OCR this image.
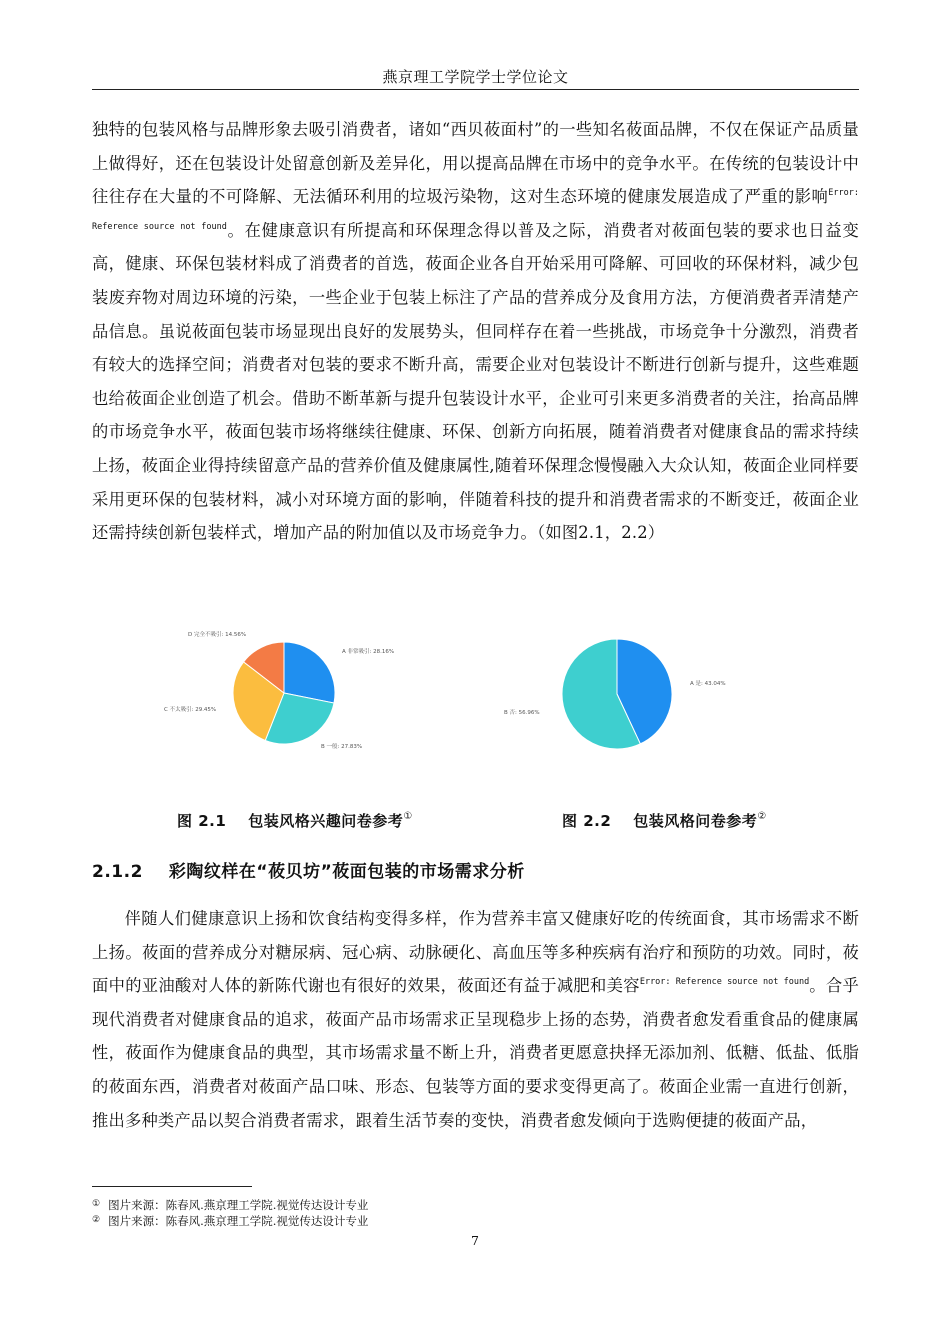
燕京理工学院学士学位论文
独特的包装风格与品牌形象去吸引消费者，诸如“西贝莜面村”的一些知名莜面品牌，不仅在保证产品质量上做得好，还在包装设计处留意创新及差异化，用以提高品牌在市场中的竞争水平。在传统的包装设计中往往存在大量的不可降解、无法循环利用的垃圾污染物，这对生态环境的健康发展造成了严重的影响$^{Error: Reference source not found}$。在健康意识有所提高和环保理念得以普及之际，消费者对莜面包装的要求也日益变高，健康、环保包装材料成了消费者的首选，莜面企业各自开始采用可降解、可回收的环保材料，减少包装废弃物对周边环境的污染，一些企业于包装上标注了产品的营养成分及食用方法，方便消费者弄清楚产品信息。虽说莜面包装市场显现出良好的发展势头，但同样存在着一些挑战，市场竞争十分激烈，消费者有较大的选择空间；消费者对包装的要求不断升高，需要企业对包装设计不断进行创新与提升，这些难题也给莜面企业创造了机会。借助不断革新与提升包装设计水平，企业可引来更多消费者的关注，抬高品牌的市场竞争水平，莜面包装市场将继续往健康、环保、创新方向拓展，随着消费者对健康食品的需求持续上扬，莜面企业得持续留意产品的营养价值及健康属性,随着环保理念慢慢融入大众认知，莜面企业同样要采用更环保的包装材料，减小对环境方面的影响，伴随着科技的提升和消费者需求的不断变迁，莜面企业还需持续创新包装样式，增加产品的附加值以及市场竞争力。（如图2.1，2.2）
A 非常吸引: 28.16%
B 一般: 27.83%
C 不太吸引: 29.45%
D 完全不吸引: 14.56%
A 是: 43.04%
B 否: 56.96%
图 2.1 包装风格兴趣问卷参考①	图 2.2 包装风格问卷参考②
2.1.2 彩陶纹样在“莜贝坊”莜面包装的市场需求分析
伴随人们健康意识上扬和饮食结构变得多样，作为营养丰富又健康好吃的传统面食，其市场需求不断上扬。莜面的营养成分对糖尿病、冠心病、动脉硬化、高血压等多种疾病有治疗和预防的功效。同时，莜面中的亚油酸对人体的新陈代谢也有很好的效果，莜面还有益于减肥和美容$^{Error: Reference source not found}$。合乎现代消费者对健康食品的追求，莜面产品市场需求正呈现稳步上扬的态势，消费者愈发看重食品的健康属性，莜面作为健康食品的典型，其市场需求量不断上升，消费者更愿意抉择无添加剂、低糖、低盐、低脂的莜面东西，消费者对莜面产品口味、形态、包装等方面的要求变得更高了。莜面企业需一直进行创新，推出多种类产品以契合消费者需求，跟着生活节奏的变快，消费者愈发倾向于选购便捷的莜面产品，
① 图片来源：陈春风.燕京理工学院.视觉传达设计专业
② 图片来源：陈春风.燕京理工学院.视觉传达设计专业
7
